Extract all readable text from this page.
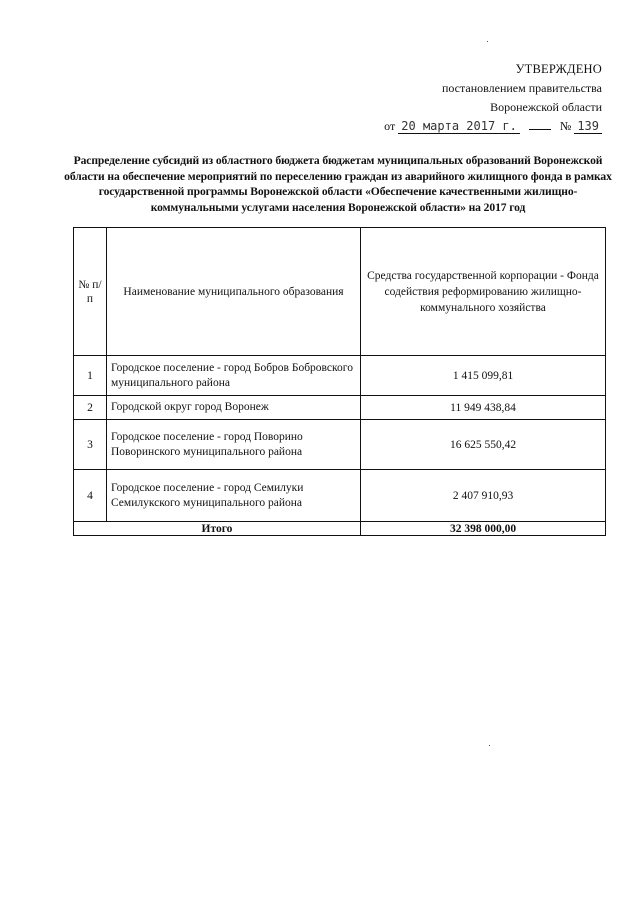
УТВЕРЖДЕНО
постановлением правительства
Воронежской области
от 20 марта 2017 г.	№ 139
Распределение субсидий из областного бюджета бюджетам муниципальных образований Воронежской области на обеспечение мероприятий по переселению граждан из аварийного жилищного фонда в рамках государственной программы Воронежской области «Обеспечение качественными жилищно-коммунальными услугами населения Воронежской области» на 2017 год
№ п/п	Наименование муниципального образования	Средства государственной корпорации - Фонда содействия реформированию жилищно-коммунального хозяйства
1	Городское поселение - город Бобров Бобровского муниципального района	1 415 099,81
2	Городской округ город Воронеж	11 949 438,84
3	Городское поселение - город Поворино Поворинского муниципального района	16 625 550,42
4	Городское поселение - город Семилуки Семилукского муниципального района	2 407 910,93
Итого		32 398 000,00
